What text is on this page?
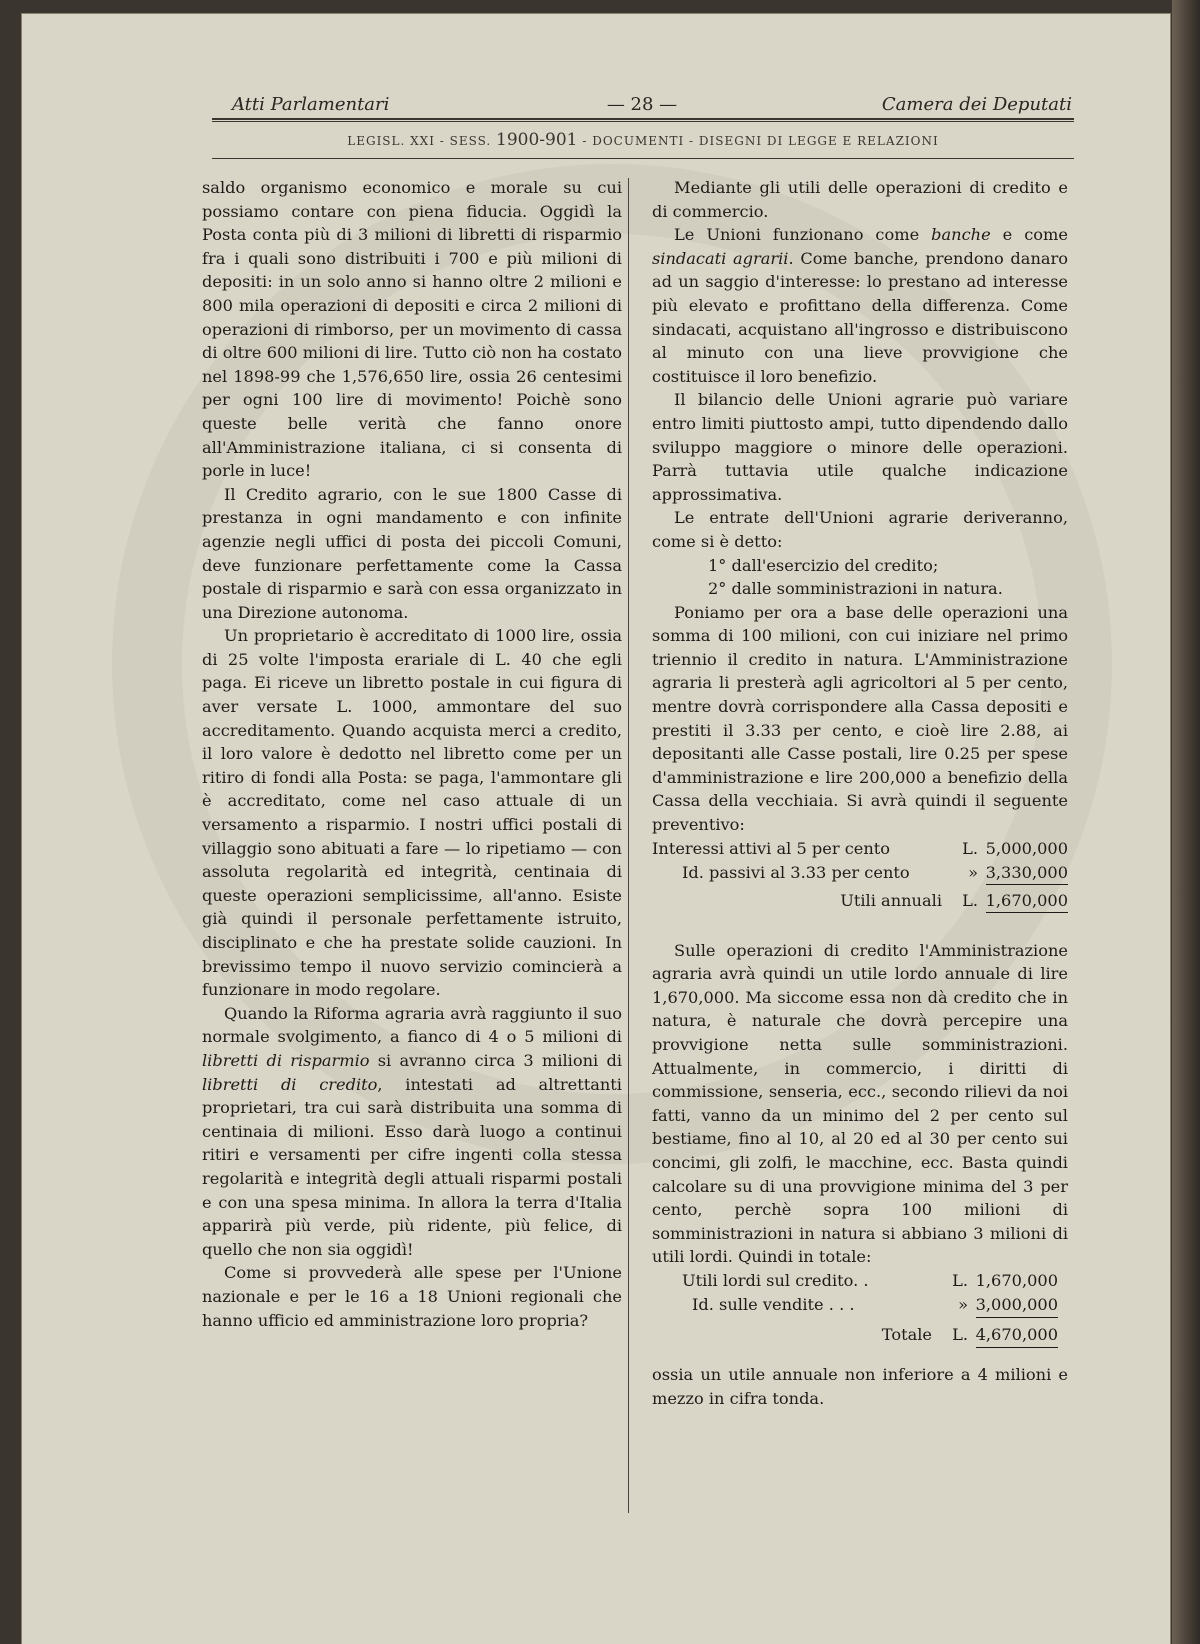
Atti Parlamentari	— 28 —	Camera dei Deputati
LEGISL. XXI - SESS. 1900-901 - DOCUMENTI - DISEGNI DI LEGGE E RELAZIONI

saldo organismo economico e morale su cui possiamo contare con piena fiducia. Oggidì la Posta conta più di 3 milioni di libretti di risparmio fra i quali sono distribuiti i 700 e più milioni di depositi: in un solo anno si hanno oltre 2 milioni e 800 mila operazioni di depositi e circa 2 milioni di operazioni di rimborso, per un movimento di cassa di oltre 600 milioni di lire. Tutto ciò non ha costato nel 1898-99 che 1,576,650 lire, ossia 26 centesimi per ogni 100 lire di movimento! Poichè sono queste belle verità che fanno onore all'Amministrazione italiana, ci si consenta di porle in luce!

Il Credito agrario, con le sue 1800 Casse di prestanza in ogni mandamento e con infinite agenzie negli uffici di posta dei piccoli Comuni, deve funzionare perfettamente come la Cassa postale di risparmio e sarà con essa organizzato in una Direzione autonoma.

Un proprietario è accreditato di 1000 lire, ossia di 25 volte l'imposta erariale di L. 40 che egli paga. Ei riceve un libretto postale in cui figura di aver versate L. 1000, ammontare del suo accreditamento. Quando acquista merci a credito, il loro valore è dedotto nel libretto come per un ritiro di fondi alla Posta: se paga, l'ammontare gli è accreditato, come nel caso attuale di un versamento a risparmio. I nostri uffici postali di villaggio sono abituati a fare — lo ripetiamo — con assoluta regolarità ed integrità, centinaia di queste operazioni semplicissime, all'anno. Esiste già quindi il personale perfettamente istruito, disciplinato e che ha prestate solide cauzioni. In brevissimo tempo il nuovo servizio comincierà a funzionare in modo regolare.

Quando la Riforma agraria avrà raggiunto il suo normale svolgimento, a fianco di 4 o 5 milioni di libretti di risparmio si avranno circa 3 milioni di libretti di credito, intestati ad altrettanti proprietari, tra cui sarà distribuita una somma di centinaia di milioni. Esso darà luogo a continui ritiri e versamenti per cifre ingenti colla stessa regolarità e integrità degli attuali risparmi postali e con una spesa minima. In allora la terra d'Italia apparirà più verde, più ridente, più felice, di quello che non sia oggidì!

Come si provvederà alle spese per l'Unione nazionale e per le 16 a 18 Unioni regionali che hanno ufficio ed amministrazione loro propria?

Mediante gli utili delle operazioni di credito e di commercio.

Le Unioni funzionano come banche e come sindacati agrarii. Come banche, prendono danaro ad un saggio d'interesse: lo prestano ad interesse più elevato e profittano della differenza. Come sindacati, acquistano all'ingrosso e distribuiscono al minuto con una lieve provvigione che costituisce il loro benefizio.

Il bilancio delle Unioni agrarie può variare entro limiti piuttosto ampi, tutto dipendendo dallo sviluppo maggiore o minore delle operazioni. Parrà tuttavia utile qualche indicazione approssimativa.

Le entrate dell'Unioni agrarie deriveranno, come si è detto:

1° dall'esercizio del credito;

2° dalle somministrazioni in natura.

Poniamo per ora a base delle operazioni una somma di 100 milioni, con cui iniziare nel primo triennio il credito in natura. L'Amministrazione agraria li presterà agli agricoltori al 5 per cento, mentre dovrà corrispondere alla Cassa depositi e prestiti il 3.33 per cento, e cioè lire 2.88, ai depositanti alle Casse postali, lire 0.25 per spese d'amministrazione e lire 200,000 a benefizio della Cassa della vecchiaia. Si avrà quindi il seguente preventivo:

Interessi attivi al 5 per cento	L. 5,000,000
Id. passivi al 3.33 per cento	» 3,330,000
Utili annuali L. 1,670,000

Sulle operazioni di credito l'Amministrazione agraria avrà quindi un utile lordo annuale di lire 1,670,000. Ma siccome essa non dà credito che in natura, è naturale che dovrà percepire una provvigione netta sulle somministrazioni. Attualmente, in commercio, i diritti di commissione, senseria, ecc., secondo rilievi da noi fatti, vanno da un minimo del 2 per cento sul bestiame, fino al 10, al 20 ed al 30 per cento sui concimi, gli zolfi, le macchine, ecc. Basta quindi calcolare su di una provvigione minima del 3 per cento, perchè sopra 100 milioni di somministrazioni in natura si abbiano 3 milioni di utili lordi. Quindi in totale:

Utili lordi sul credito. .	L. 1,670,000
Id. sulle vendite . . .	» 3,000,000
Totale L. 4,670,000

ossia un utile annuale non inferiore a 4 milioni e mezzo in cifra tonda.
